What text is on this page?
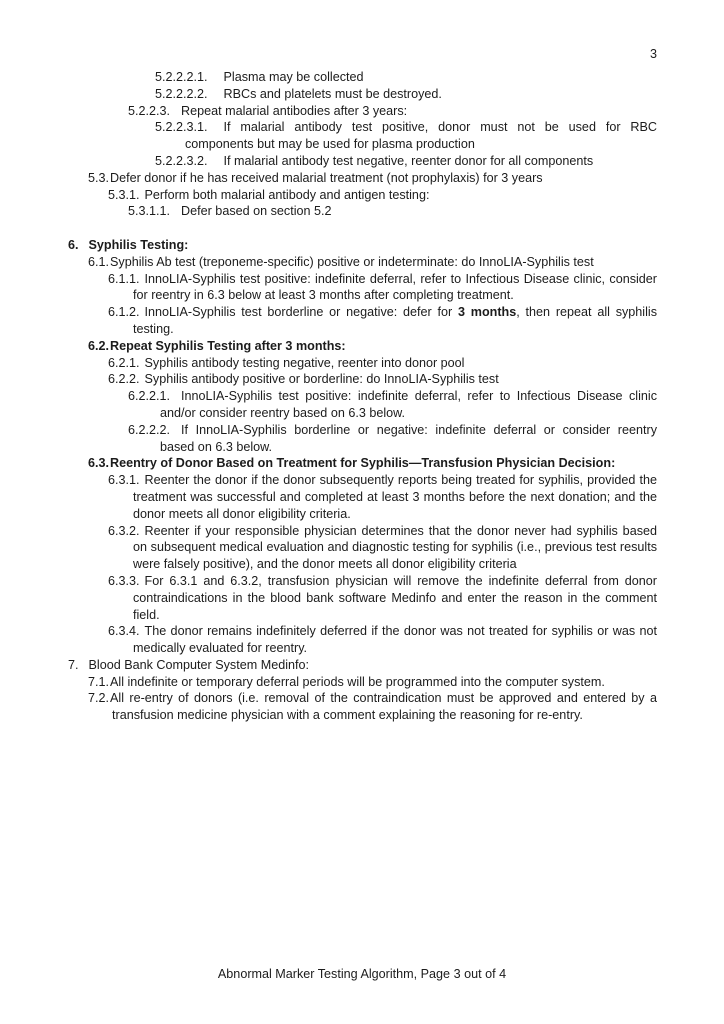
3
5.2.2.2.1. Plasma may be collected
5.2.2.2.2. RBCs and platelets must be destroyed.
5.2.2.3. Repeat malarial antibodies after 3 years:
5.2.2.3.1. If malarial antibody test positive, donor must not be used for RBC components but may be used for plasma production
5.2.2.3.2. If malarial antibody test negative, reenter donor for all components
5.3.Defer donor if he has received malarial treatment (not prophylaxis) for 3 years
5.3.1. Perform both malarial antibody and antigen testing:
5.3.1.1. Defer based on section 5.2
6. Syphilis Testing:
6.1.Syphilis Ab test (treponeme-specific) positive or indeterminate: do InnoLIA-Syphilis test
6.1.1. InnoLIA-Syphilis test positive: indefinite deferral, refer to Infectious Disease clinic, consider for reentry in 6.3 below at least 3 months after completing treatment.
6.1.2. InnoLIA-Syphilis test borderline or negative: defer for 3 months, then repeat all syphilis testing.
6.2.Repeat Syphilis Testing after 3 months:
6.2.1. Syphilis antibody testing negative, reenter into donor pool
6.2.2. Syphilis antibody positive or borderline: do InnoLIA-Syphilis test
6.2.2.1. InnoLIA-Syphilis test positive: indefinite deferral, refer to Infectious Disease clinic and/or consider reentry based on 6.3 below.
6.2.2.2. If InnoLIA-Syphilis borderline or negative: indefinite deferral or consider reentry based on 6.3 below.
6.3.Reentry of Donor Based on Treatment for Syphilis—Transfusion Physician Decision:
6.3.1. Reenter the donor if the donor subsequently reports being treated for syphilis, provided the treatment was successful and completed at least 3 months before the next donation; and the donor meets all donor eligibility criteria.
6.3.2. Reenter if your responsible physician determines that the donor never had syphilis based on subsequent medical evaluation and diagnostic testing for syphilis (i.e., previous test results were falsely positive), and the donor meets all donor eligibility criteria
6.3.3. For 6.3.1 and 6.3.2, transfusion physician will remove the indefinite deferral from donor contraindications in the blood bank software Medinfo and enter the reason in the comment field.
6.3.4. The donor remains indefinitely deferred if the donor was not treated for syphilis or was not medically evaluated for reentry.
7. Blood Bank Computer System Medinfo:
7.1.All indefinite or temporary deferral periods will be programmed into the computer system.
7.2.All re-entry of donors (i.e. removal of the contraindication must be approved and entered by a transfusion medicine physician with a comment explaining the reasoning for re-entry.
Abnormal Marker Testing Algorithm, Page 3 out of 4
